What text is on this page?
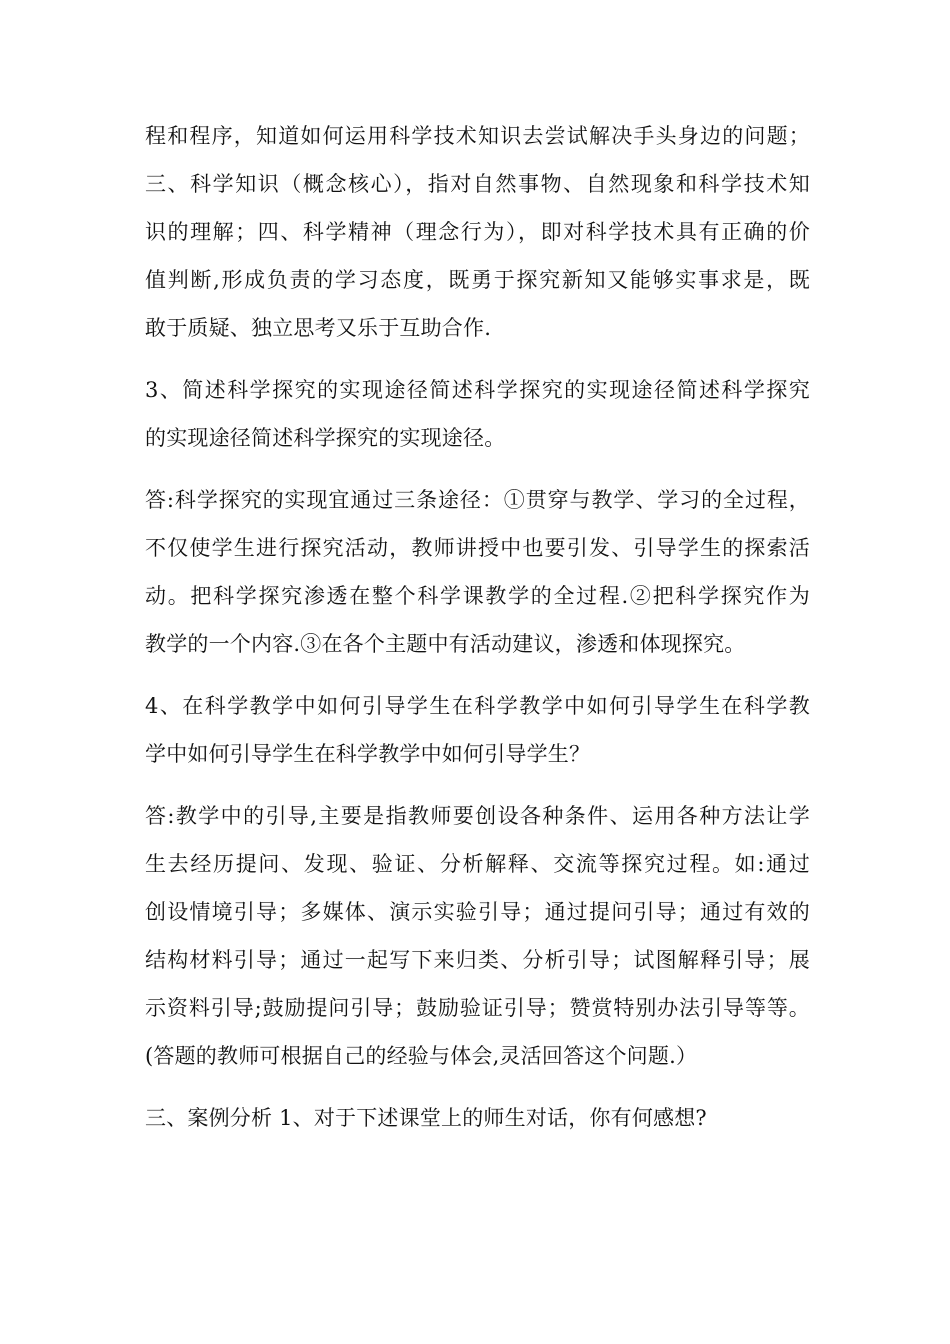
程和程序，知道如何运用科学技术知识去尝试解决手头身边的问题；
三、科学知识（概念核心），指对自然事物、自然现象和科学技术知
识的理解；四、科学精神（理念行为），即对科学技术具有正确的价
值判断,形成负责的学习态度，既勇于探究新知又能够实事求是，既
敢于质疑、独立思考又乐于互助合作.
3、简述科学探究的实现途径简述科学探究的实现途径简述科学探究
的实现途径简述科学探究的实现途径。
答:科学探究的实现宜通过三条途径：①贯穿与教学、学习的全过程，
不仅使学生进行探究活动，教师讲授中也要引发、引导学生的探索活
动。把科学探究渗透在整个科学课教学的全过程.②把科学探究作为
教学的一个内容.③在各个主题中有活动建议，渗透和体现探究。
4、在科学教学中如何引导学生在科学教学中如何引导学生在科学教
学中如何引导学生在科学教学中如何引导学生？
答:教学中的引导,主要是指教师要创设各种条件、运用各种方法让学
生去经历提问、发现、验证、分析解释、交流等探究过程。如:通过
创设情境引导；多媒体、演示实验引导；通过提问引导；通过有效的
结构材料引导；通过一起写下来归类、分析引导；试图解释引导；展
示资料引导;鼓励提问引导；鼓励验证引导；赞赏特别办法引导等等。
(答题的教师可根据自己的经验与体会,灵活回答这个问题.）
三、案例分析 1、对于下述课堂上的师生对话，你有何感想?
